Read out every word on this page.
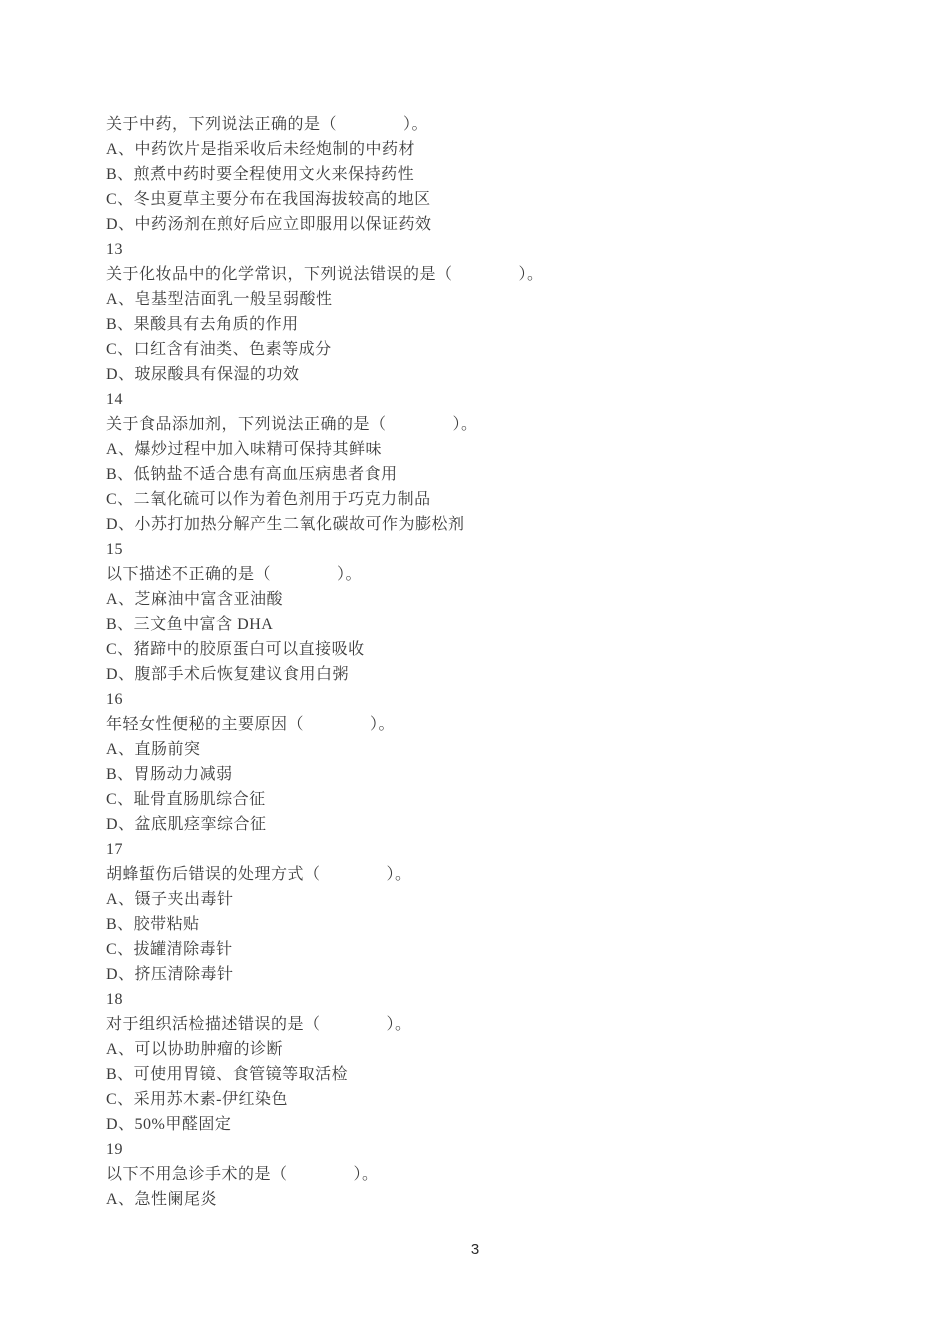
关于中药，下列说法正确的是（　　　　）。
A、中药饮片是指采收后未经炮制的中药材
B、煎煮中药时要全程使用文火来保持药性
C、冬虫夏草主要分布在我国海拔较高的地区
D、中药汤剂在煎好后应立即服用以保证药效
13
关于化妆品中的化学常识，下列说法错误的是（　　　　）。
A、皂基型洁面乳一般呈弱酸性
B、果酸具有去角质的作用
C、口红含有油类、色素等成分
D、玻尿酸具有保湿的功效
14
关于食品添加剂，下列说法正确的是（　　　　）。
A、爆炒过程中加入味精可保持其鲜味
B、低钠盐不适合患有高血压病患者食用
C、二氧化硫可以作为着色剂用于巧克力制品
D、小苏打加热分解产生二氧化碳故可作为膨松剂
15
以下描述不正确的是（　　　　）。
A、芝麻油中富含亚油酸
B、三文鱼中富含 DHA
C、猪蹄中的胶原蛋白可以直接吸收
D、腹部手术后恢复建议食用白粥
16
年轻女性便秘的主要原因（　　　　）。
A、直肠前突
B、胃肠动力减弱
C、耻骨直肠肌综合征
D、盆底肌痉挛综合征
17
胡蜂蜇伤后错误的处理方式（　　　　）。
A、镊子夹出毒针
B、胶带粘贴
C、拔罐清除毒针
D、挤压清除毒针
18
对于组织活检描述错误的是（　　　　）。
A、可以协助肿瘤的诊断
B、可使用胃镜、食管镜等取活检
C、采用苏木素-伊红染色
D、50%甲醛固定
19
以下不用急诊手术的是（　　　　）。
A、急性阑尾炎
3
